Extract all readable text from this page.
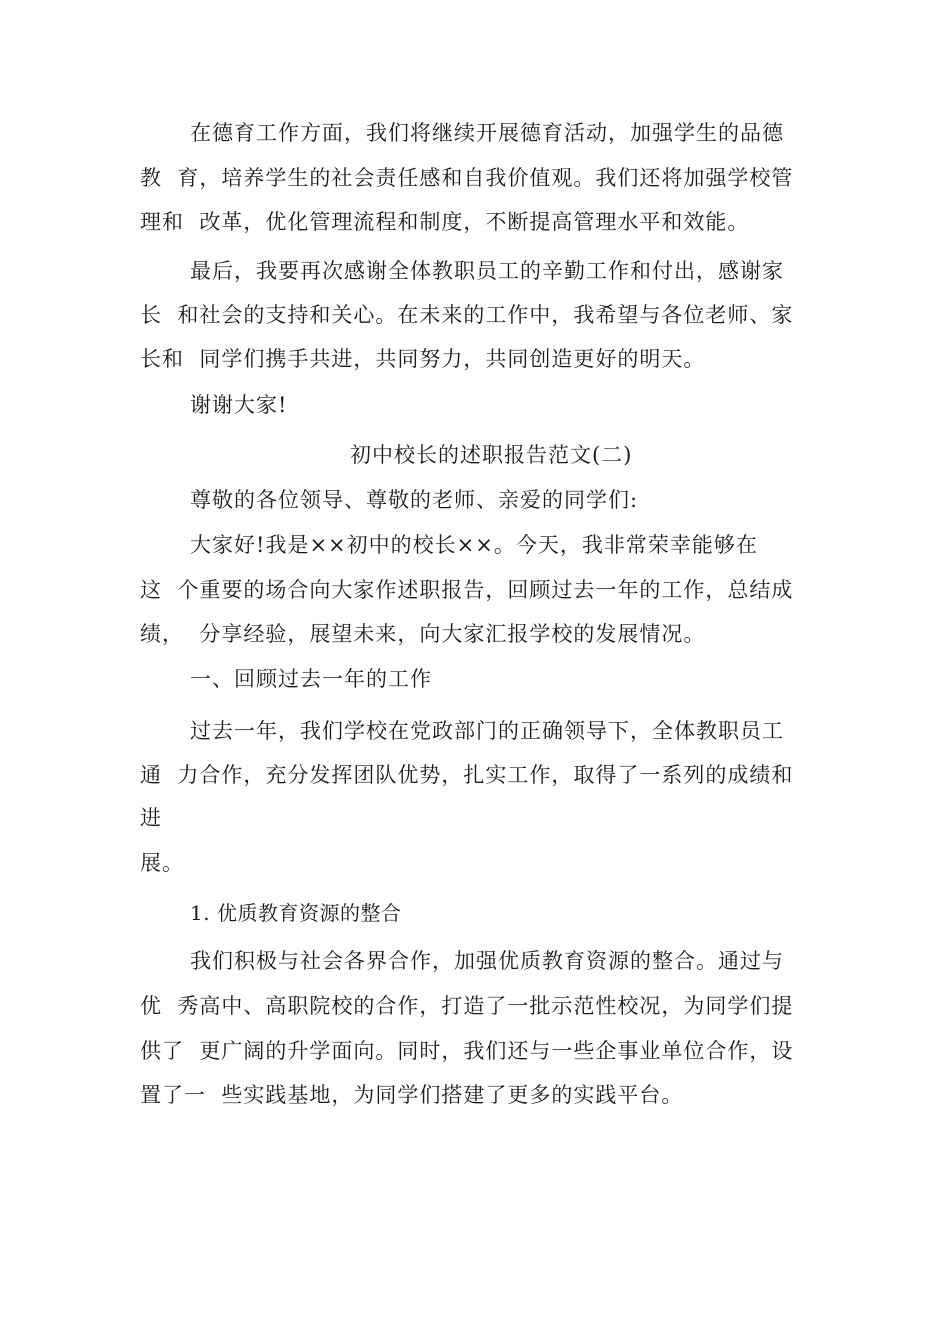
在德育工作方面，我们将继续开展德育活动，加强学生的品德
教  育，培养学生的社会责任感和自我价值观。我们还将加强学校管
理和  改革，优化管理流程和制度，不断提高管理水平和效能。
最后，我要再次感谢全体教职员工的辛勤工作和付出，感谢家
长  和社会的支持和关心。在未来的工作中，我希望与各位老师、家
长和  同学们携手共进，共同努力，共同创造更好的明天。
谢谢大家!
初中校长的述职报告范文(二)
尊敬的各位领导、尊敬的老师、亲爱的同学们:
大家好!我是××初中的校长××。今天，我非常荣幸能够在
这  个重要的场合向大家作述职报告，回顾过去一年的工作，总结成
绩，  分享经验，展望未来，向大家汇报学校的发展情况。
一、回顾过去一年的工作
过去一年，我们学校在党政部门的正确领导下，全体教职员工
通  力合作，充分发挥团队优势，扎实工作，取得了一系列的成绩和
进
展。
1. 优质教育资源的整合
我们积极与社会各界合作，加强优质教育资源的整合。通过与
优  秀高中、高职院校的合作，打造了一批示范性校况，为同学们提
供了  更广阔的升学面向。同时，我们还与一些企事业单位合作，设
置了一  些实践基地，为同学们搭建了更多的实践平台。
